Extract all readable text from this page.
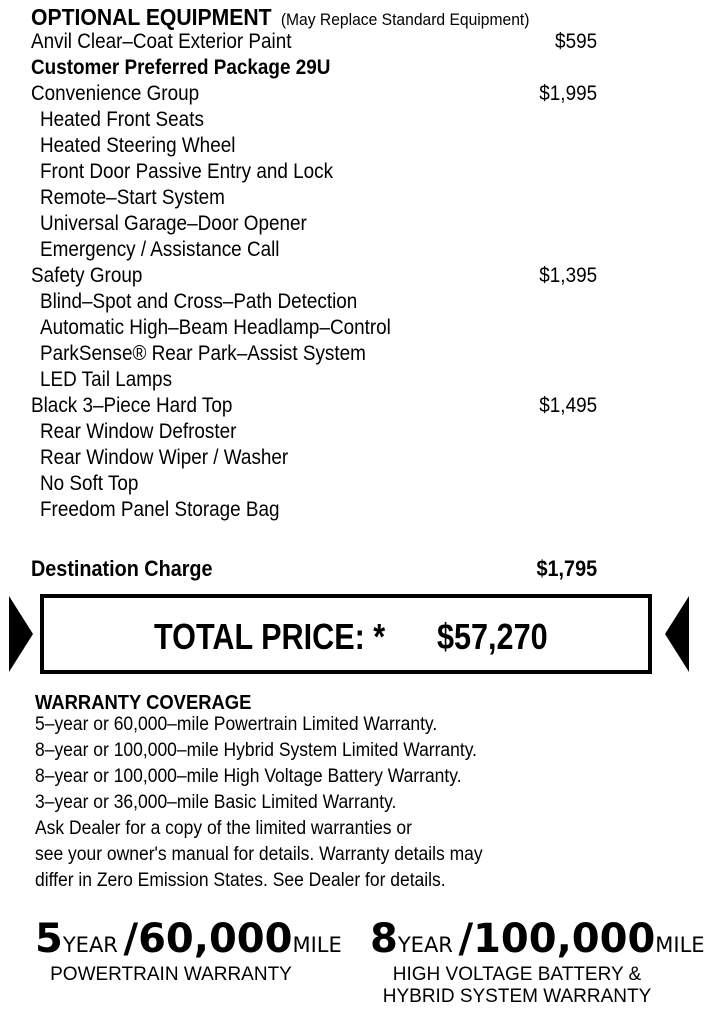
OPTIONAL EQUIPMENT (May Replace Standard Equipment)
Anvil Clear–Coat Exterior Paint	$595
Customer Preferred Package 29U
Convenience Group	$1,995
Heated Front Seats
Heated Steering Wheel
Front Door Passive Entry and Lock
Remote–Start System
Universal Garage–Door Opener
Emergency / Assistance Call
Safety Group	$1,395
Blind–Spot and Cross–Path Detection
Automatic High–Beam Headlamp–Control
ParkSense® Rear Park–Assist System
LED Tail Lamps
Black 3–Piece Hard Top	$1,495
Rear Window Defroster
Rear Window Wiper / Washer
No Soft Top
Freedom Panel Storage Bag
Destination Charge	$1,795
TOTAL PRICE: * $57,270
WARRANTY COVERAGE
5–year or 60,000–mile Powertrain Limited Warranty.
8–year or 100,000–mile Hybrid System Limited Warranty.
8–year or 100,000–mile High Voltage Battery Warranty.
3–year or 36,000–mile Basic Limited Warranty.
Ask Dealer for a copy of the limited warranties or
see your owner's manual for details. Warranty details may
differ in Zero Emission States. See Dealer for details.
5YEAR /60,000MILE
POWERTRAIN WARRANTY
8YEAR /100,000MILE
HIGH VOLTAGE BATTERY &
HYBRID SYSTEM WARRANTY
